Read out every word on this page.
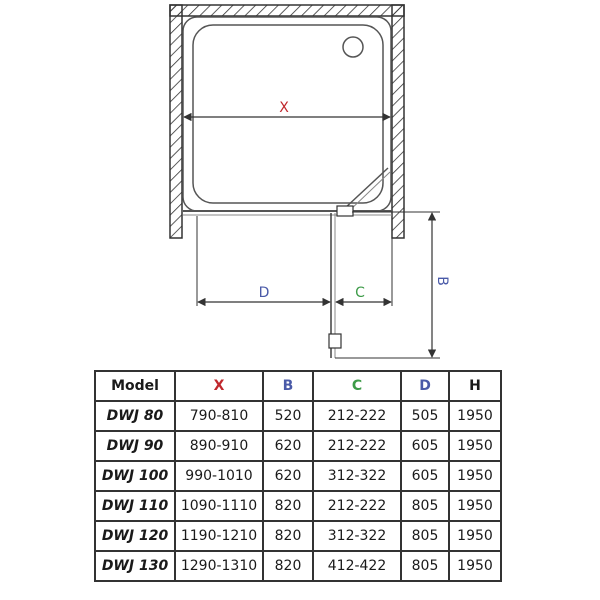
X
D	C
B
Model	X	B	C	D	H
DWJ 80	790-810	520	212-222	505	1950
DWJ 90	890-910	620	212-222	605	1950
DWJ 100	990-1010	620	312-322	605	1950
DWJ 110	1090-1110	820	212-222	805	1950
DWJ 120	1190-1210	820	312-322	805	1950
DWJ 130	1290-1310	820	412-422	805	1950
